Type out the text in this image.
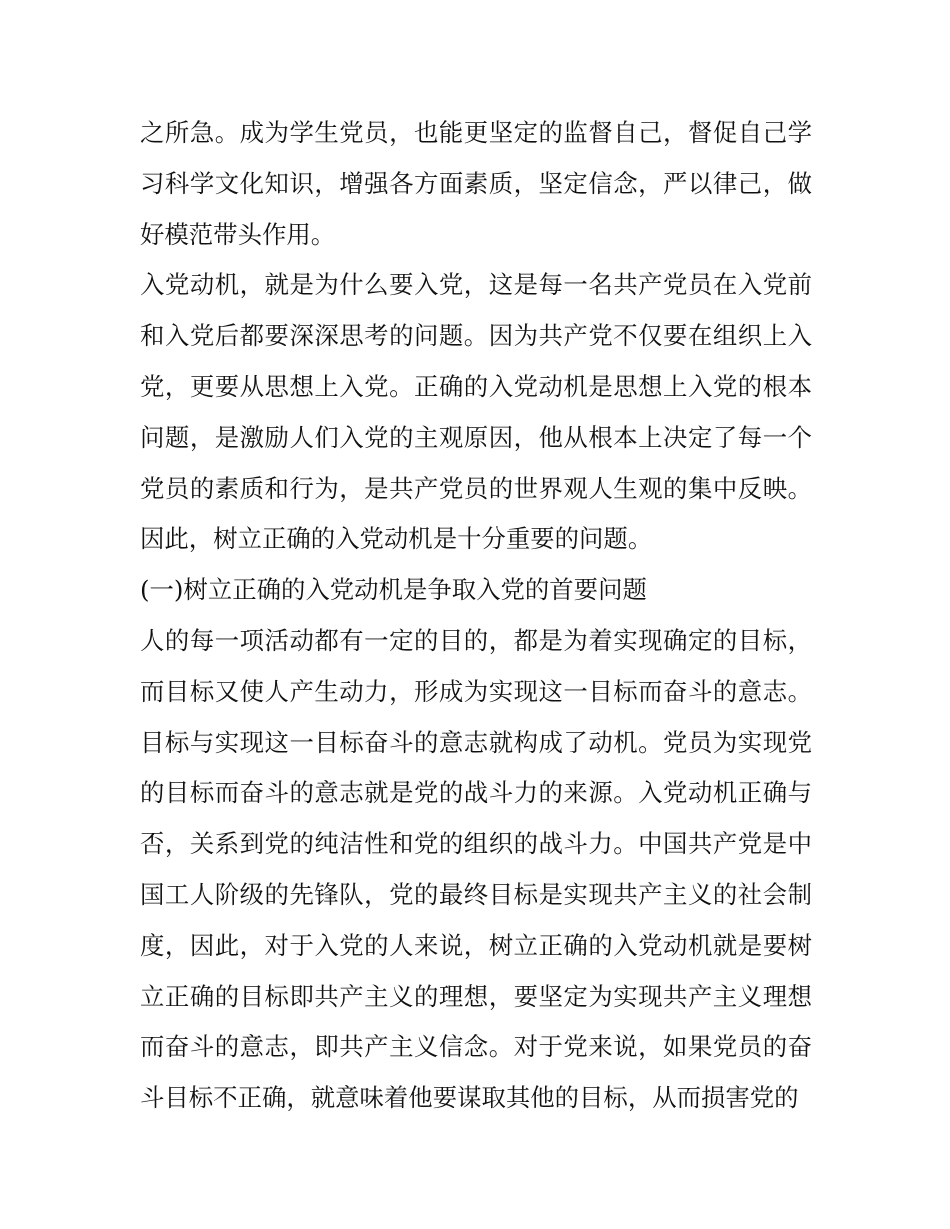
之所急。成为学生党员，也能更坚定的监督自己，督促自己学习科学文化知识，增强各方面素质，坚定信念，严以律己，做好模范带头作用。

入党动机，就是为什么要入党，这是每一名共产党员在入党前和入党后都要深深思考的问题。因为共产党不仅要在组织上入党，更要从思想上入党。正确的入党动机是思想上入党的根本问题，是激励人们入党的主观原因，他从根本上决定了每一个党员的素质和行为，是共产党员的世界观人生观的集中反映。因此，树立正确的入党动机是十分重要的问题。

(一)树立正确的入党动机是争取入党的首要问题

人的每一项活动都有一定的目的，都是为着实现确定的目标，而目标又使人产生动力，形成为实现这一目标而奋斗的意志。目标与实现这一目标奋斗的意志就构成了动机。党员为实现党的目标而奋斗的意志就是党的战斗力的来源。入党动机正确与否，关系到党的纯洁性和党的组织的战斗力。中国共产党是中国工人阶级的先锋队，党的最终目标是实现共产主义的社会制度，因此，对于入党的人来说，树立正确的入党动机就是要树立正确的目标即共产主义的理想，要坚定为实现共产主义理想而奋斗的意志，即共产主义信念。对于党来说，如果党员的奋斗目标不正确，就意味着他要谋取其他的目标，从而损害党的
